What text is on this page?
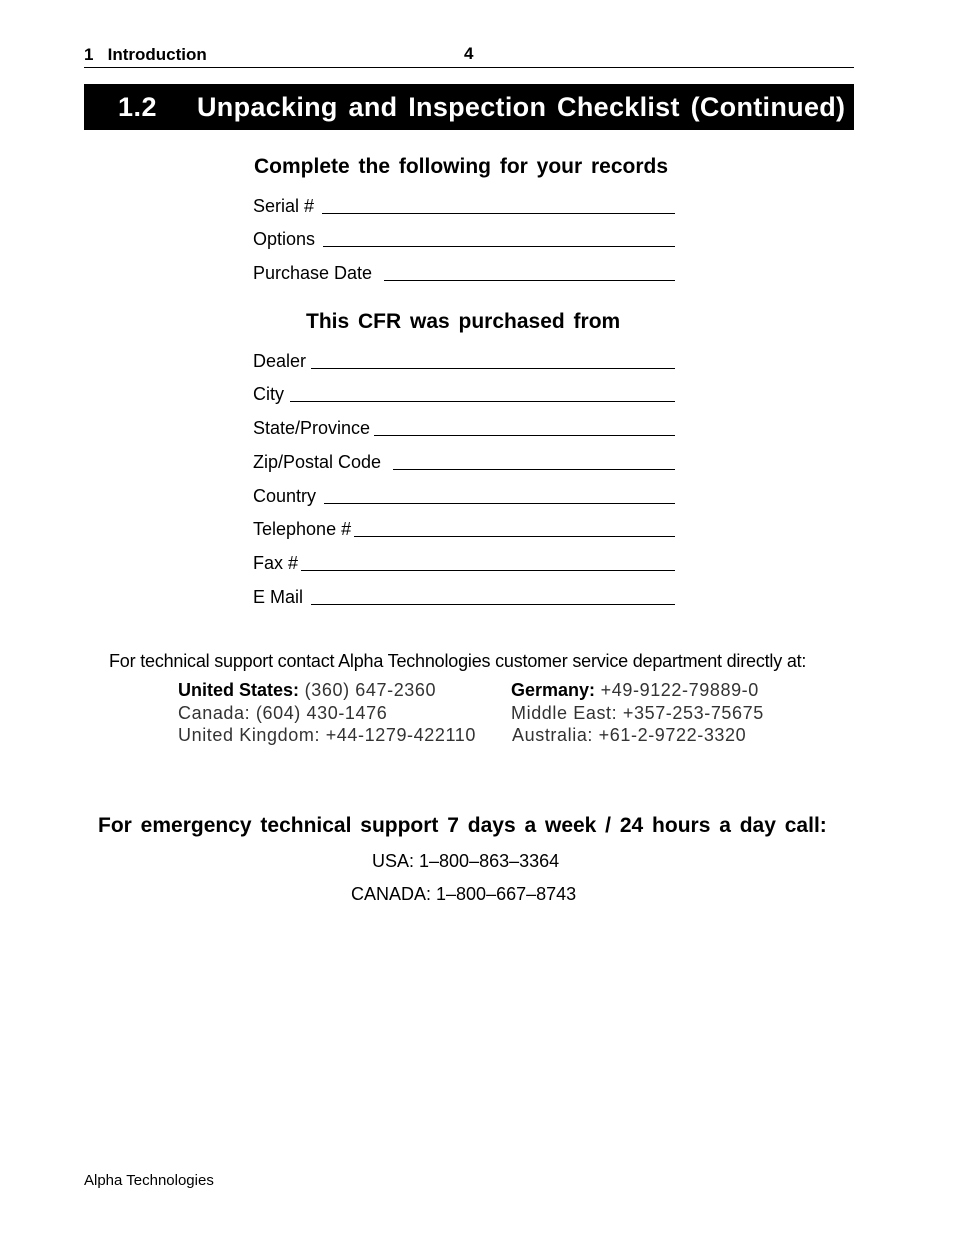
1   Introduction	4
1.2 Unpacking and Inspection Checklist (Continued)
Complete the following for your records
Serial #
Options
Purchase Date
This CFR was purchased from
Dealer
City
State/Province
Zip/Postal Code
Country
Telephone #
Fax #
E Mail
For technical support contact Alpha Technologies customer service department directly at:
United States: (360) 647-2360
Canada: (604) 430-1476
United Kingdom: +44-1279-422110
Germany: +49-9122-79889-0
Middle East: +357-253-75675
Australia: +61-2-9722-3320
For emergency technical support 7 days a week / 24 hours a day call:
USA: 1–800–863–3364
CANADA: 1–800–667–8743
Alpha Technologies
